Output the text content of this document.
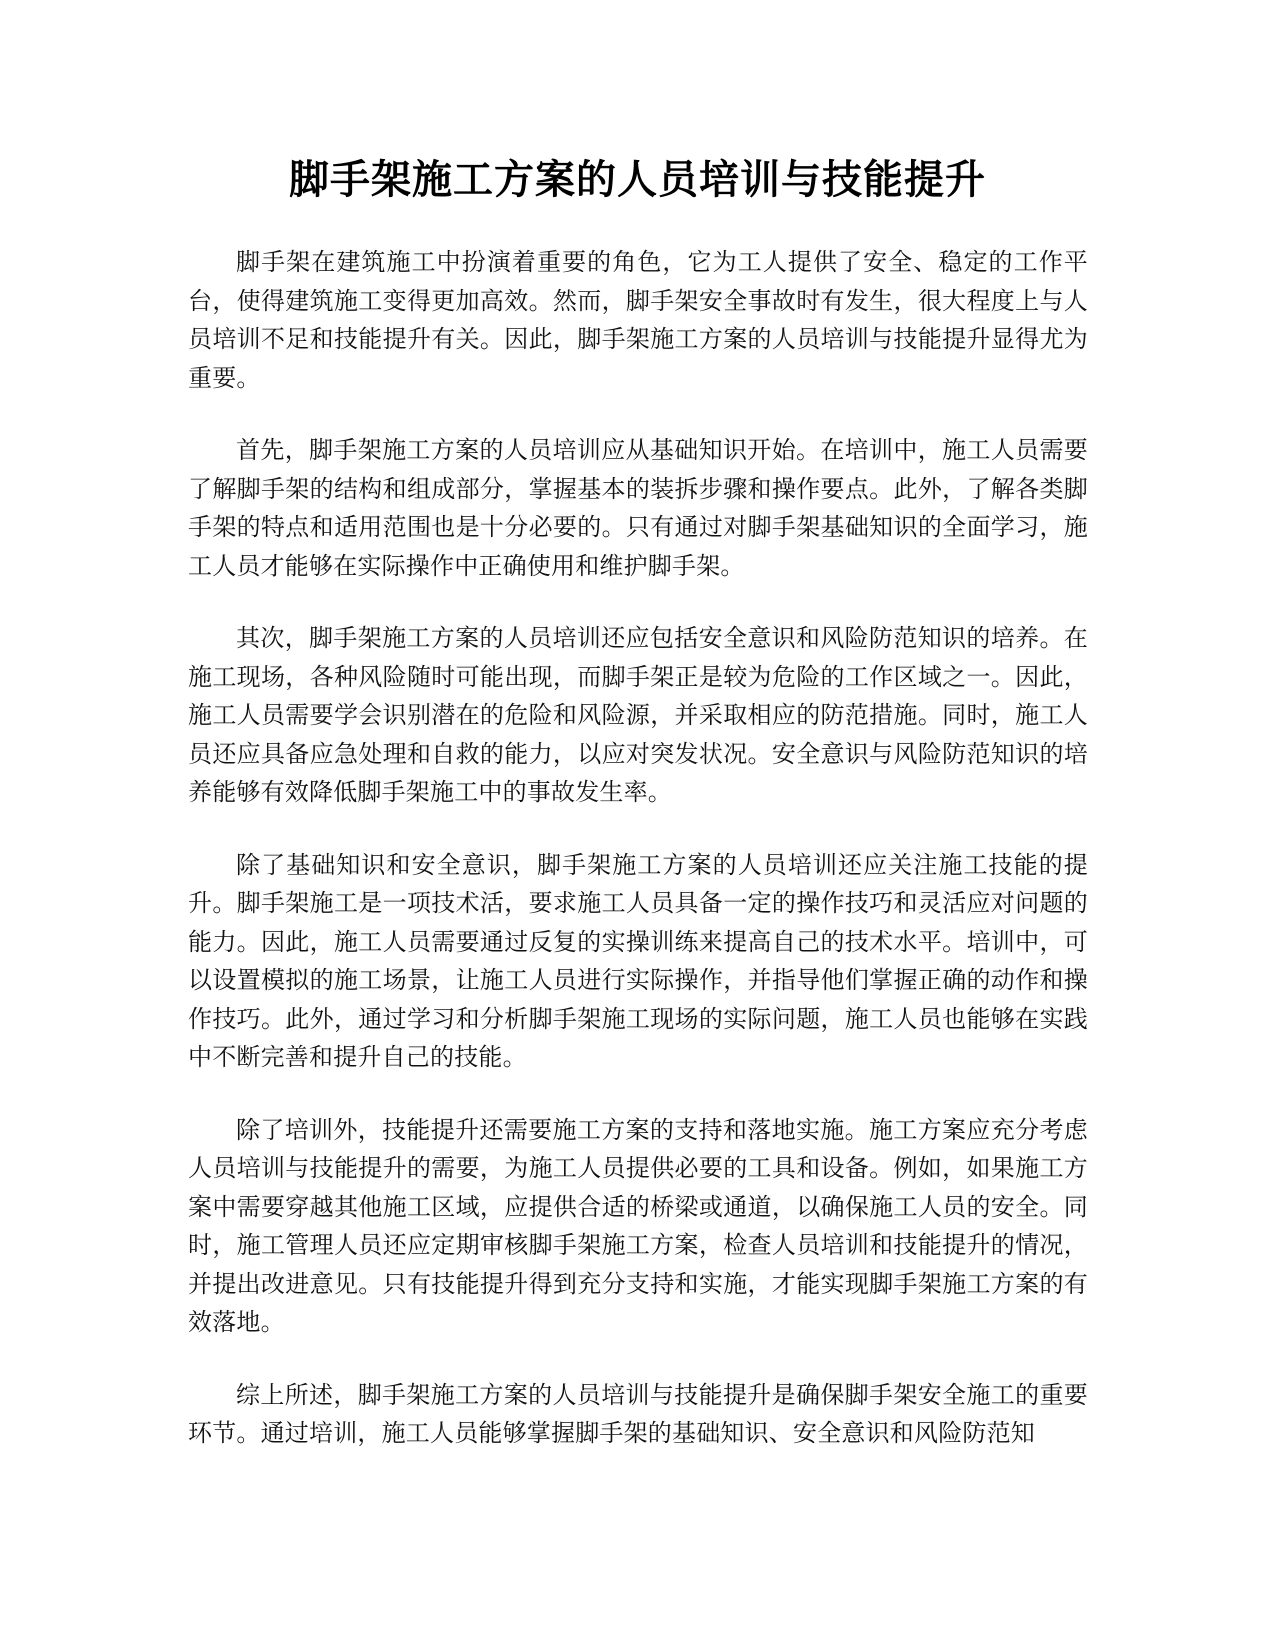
脚手架施工方案的人员培训与技能提升

脚手架在建筑施工中扮演着重要的角色，它为工人提供了安全、稳定的工作平台，使得建筑施工变得更加高效。然而，脚手架安全事故时有发生，很大程度上与人员培训不足和技能提升有关。因此，脚手架施工方案的人员培训与技能提升显得尤为重要。

首先，脚手架施工方案的人员培训应从基础知识开始。在培训中，施工人员需要了解脚手架的结构和组成部分，掌握基本的装拆步骤和操作要点。此外，了解各类脚手架的特点和适用范围也是十分必要的。只有通过对脚手架基础知识的全面学习，施工人员才能够在实际操作中正确使用和维护脚手架。

其次，脚手架施工方案的人员培训还应包括安全意识和风险防范知识的培养。在施工现场，各种风险随时可能出现，而脚手架正是较为危险的工作区域之一。因此，施工人员需要学会识别潜在的危险和风险源，并采取相应的防范措施。同时，施工人员还应具备应急处理和自救的能力，以应对突发状况。安全意识与风险防范知识的培养能够有效降低脚手架施工中的事故发生率。

除了基础知识和安全意识，脚手架施工方案的人员培训还应关注施工技能的提升。脚手架施工是一项技术活，要求施工人员具备一定的操作技巧和灵活应对问题的能力。因此，施工人员需要通过反复的实操训练来提高自己的技术水平。培训中，可以设置模拟的施工场景，让施工人员进行实际操作，并指导他们掌握正确的动作和操作技巧。此外，通过学习和分析脚手架施工现场的实际问题，施工人员也能够在实践中不断完善和提升自己的技能。

除了培训外，技能提升还需要施工方案的支持和落地实施。施工方案应充分考虑人员培训与技能提升的需要，为施工人员提供必要的工具和设备。例如，如果施工方案中需要穿越其他施工区域，应提供合适的桥梁或通道，以确保施工人员的安全。同时，施工管理人员还应定期审核脚手架施工方案，检查人员培训和技能提升的情况，并提出改进意见。只有技能提升得到充分支持和实施，才能实现脚手架施工方案的有效落地。

综上所述，脚手架施工方案的人员培训与技能提升是确保脚手架安全施工的重要环节。通过培训，施工人员能够掌握脚手架的基础知识、安全意识和风险防范知
